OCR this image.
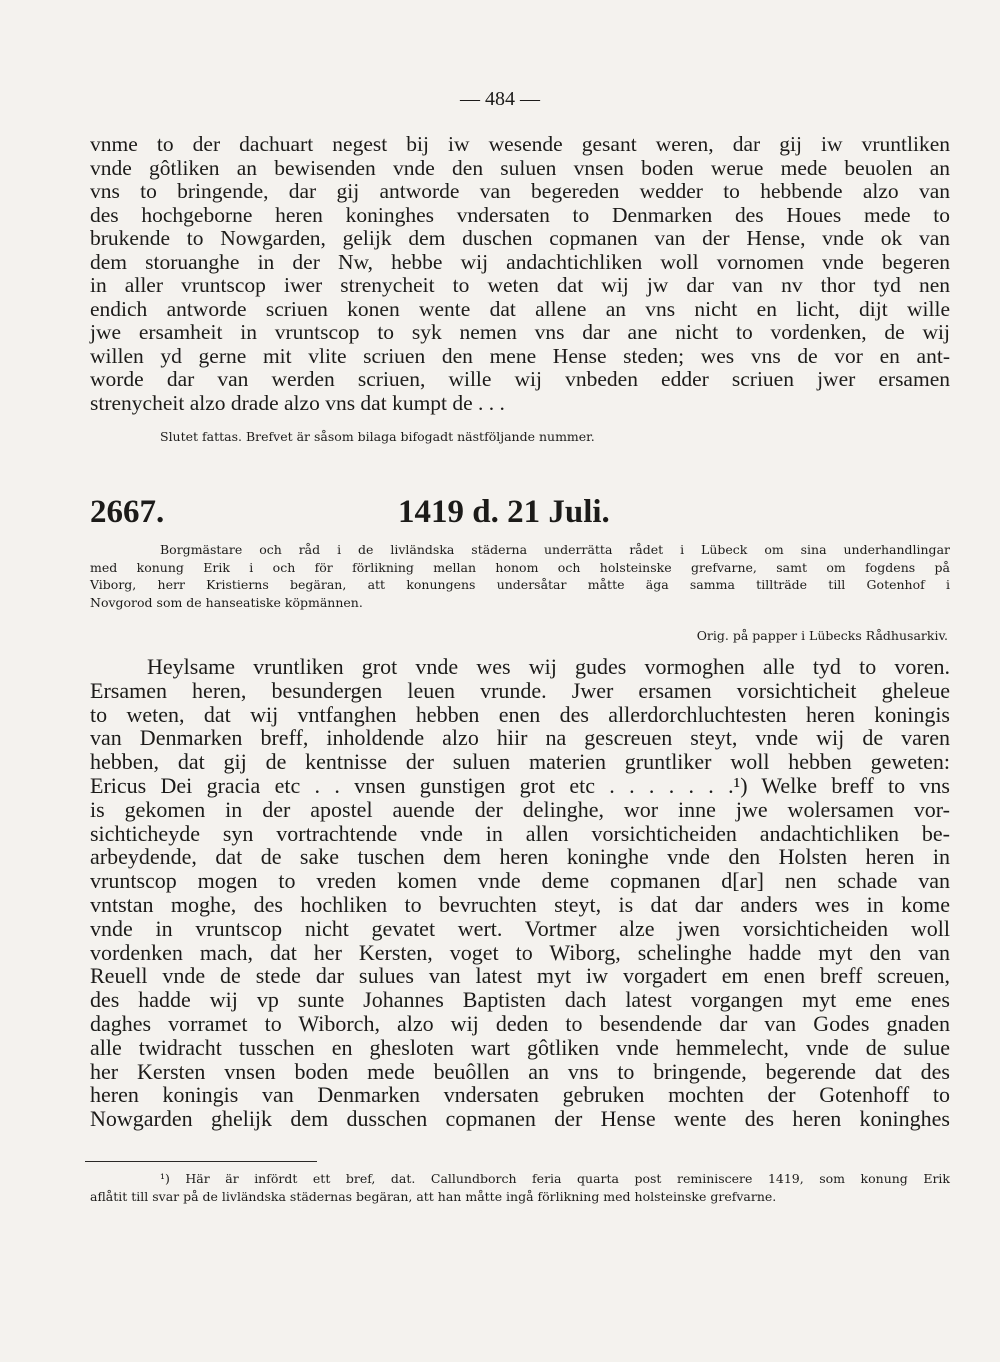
— 484 —
vnme to der dachuart negest bij iw wesende gesant weren, dar gij iw vruntliken
vnde gôtliken an bewisenden vnde den suluen vnsen boden werue mede beuolen an
vns to bringende, dar gij antworde van begereden wedder to hebbende alzo van
des hochgeborne heren koninghes vndersaten to Denmarken des Houes mede to
brukende to Nowgarden, gelijk dem duschen copmanen van der Hense, vnde ok van
dem storuanghe in der Nw, hebbe wij andachtichliken woll vornomen vnde begeren
in aller vruntscop iwer strenycheit to weten dat wij jw dar van nv thor tyd nen
endich antworde scriuen konen wente dat allene an vns nicht en licht, dijt wille
jwe ersamheit in vruntscop to syk nemen vns dar ane nicht to vordenken, de wij
willen yd gerne mit vlite scriuen den mene Hense steden; wes vns de vor en ant-
worde dar van werden scriuen, wille wij vnbeden edder scriuen jwer ersamen
strenycheit alzo drade alzo vns dat kumpt de . . .
Slutet fattas. Brefvet är såsom bilaga bifogadt nästföljande nummer.
2667.	1419 d. 21 Juli.
Borgmästare och råd i de livländska städerna underrätta rådet i Lübeck om sina underhandlingar
med konung Erik i och för förlikning mellan honom och holsteinske grefvarne, samt om fogdens på
Viborg, herr Kristierns begäran, att konungens undersåtar måtte äga samma tillträde till Gotenhof i
Novgorod som de hanseatiske köpmännen.
Orig. på papper i Lübecks Rådhusarkiv.
Heylsame vruntliken grot vnde wes wij gudes vormoghen alle tyd to voren.
Ersamen heren, besundergen leuen vrunde. Jwer ersamen vorsichticheit gheleue
to weten, dat wij vntfanghen hebben enen des allerdorchluchtesten heren koningis
van Denmarken breff, inholdende alzo hiir na gescreuen steyt, vnde wij de varen
hebben, dat gij de kentnisse der suluen materien gruntliker woll hebben geweten:
Ericus Dei gracia etc . . vnsen gunstigen grot etc . . . . . . .¹) Welke breff to vns
is gekomen in der apostel auende der delinghe, wor inne jwe wolersamen vor-
sichticheyde syn vortrachtende vnde in allen vorsichticheiden andachtichliken be-
arbeydende, dat de sake tuschen dem heren koninghe vnde den Holsten heren in
vruntscop mogen to vreden komen vnde deme copmanen d[ar] nen schade van
vntstan moghe, des hochliken to bevruchten steyt, is dat dar anders wes in kome
vnde in vruntscop nicht gevatet wert. Vortmer alze jwen vorsichticheiden woll
vordenken mach, dat her Kersten, voget to Wiborg, schelinghe hadde myt den van
Reuell vnde de stede dar sulues van latest myt iw vorgadert em enen breff screuen,
des hadde wij vp sunte Johannes Baptisten dach latest vorgangen myt eme enes
daghes vorramet to Wiborch, alzo wij deden to besendende dar van Godes gnaden
alle twidracht tusschen en ghesloten wart gôtliken vnde hemmelecht, vnde de sulue
her Kersten vnsen boden mede beuôllen an vns to bringende, begerende dat des
heren koningis van Denmarken vndersaten gebruken mochten der Gotenhoff to
Nowgarden ghelijk dem dusschen copmanen der Hense wente des heren koninghes
¹) Här är infördt ett bref, dat. Callundborch feria quarta post reminiscere 1419, som konung Erik
aflåtit till svar på de livländska städernas begäran, att han måtte ingå förlikning med holsteinske grefvarne.
